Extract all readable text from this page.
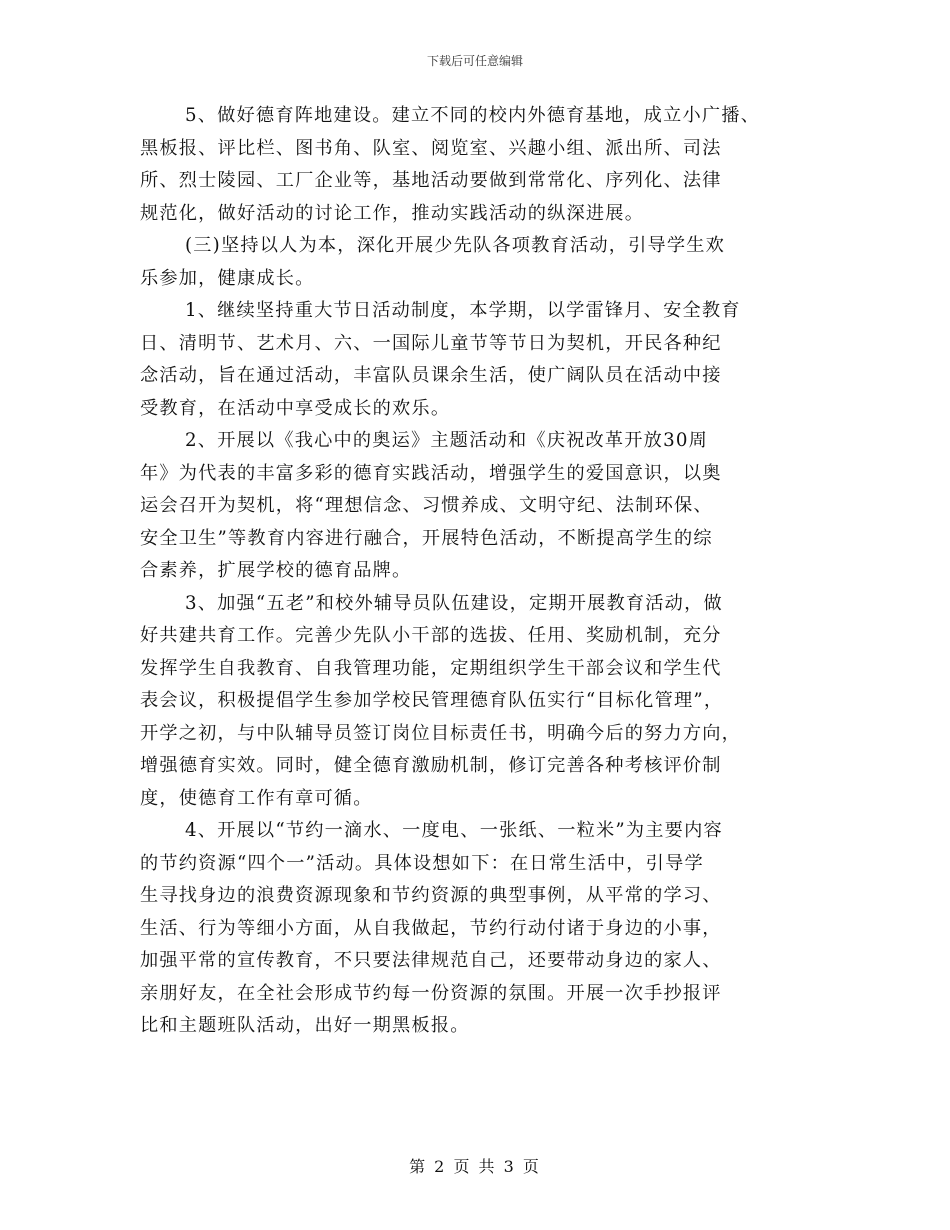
下载后可任意编辑
5、做好德育阵地建设。建立不同的校内外德育基地，成立小广播、
黑板报、评比栏、图书角、队室、阅览室、兴趣小组、派出所、司法
所、烈士陵园、工厂企业等，基地活动要做到常常化、序列化、法律
规范化，做好活动的讨论工作，推动实践活动的纵深进展。
(三)坚持以人为本，深化开展少先队各项教育活动，引导学生欢
乐参加，健康成长。
1、继续坚持重大节日活动制度，本学期，以学雷锋月、安全教育
日、清明节、艺术月、六、一国际儿童节等节日为契机，开民各种纪
念活动，旨在通过活动，丰富队员课余生活，使广阔队员在活动中接
受教育，在活动中享受成长的欢乐。
2、开展以《我心中的奥运》主题活动和《庆祝改革开放30周
年》为代表的丰富多彩的德育实践活动，增强学生的爱国意识，以奥
运会召开为契机，将“理想信念、习惯养成、文明守纪、法制环保、
安全卫生”等教育内容进行融合，开展特色活动，不断提高学生的综
合素养，扩展学校的德育品牌。
3、加强“五老”和校外辅导员队伍建设，定期开展教育活动，做
好共建共育工作。完善少先队小干部的选拔、任用、奖励机制，充分
发挥学生自我教育、自我管理功能，定期组织学生干部会议和学生代
表会议，积极提倡学生参加学校民管理德育队伍实行“目标化管理”，
开学之初，与中队辅导员签订岗位目标责任书，明确今后的努力方向，
增强德育实效。同时，健全德育激励机制，修订完善各种考核评价制
度，使德育工作有章可循。
4、开展以“节约一滴水、一度电、一张纸、一粒米”为主要内容
的节约资源“四个一”活动。具体设想如下：在日常生活中，引导学
生寻找身边的浪费资源现象和节约资源的典型事例，从平常的学习、
生活、行为等细小方面，从自我做起，节约行动付诸于身边的小事，
加强平常的宣传教育，不只要法律规范自己，还要带动身边的家人、
亲朋好友，在全社会形成节约每一份资源的氛围。开展一次手抄报评
比和主题班队活动，出好一期黑板报。
第 2 页 共 3 页
